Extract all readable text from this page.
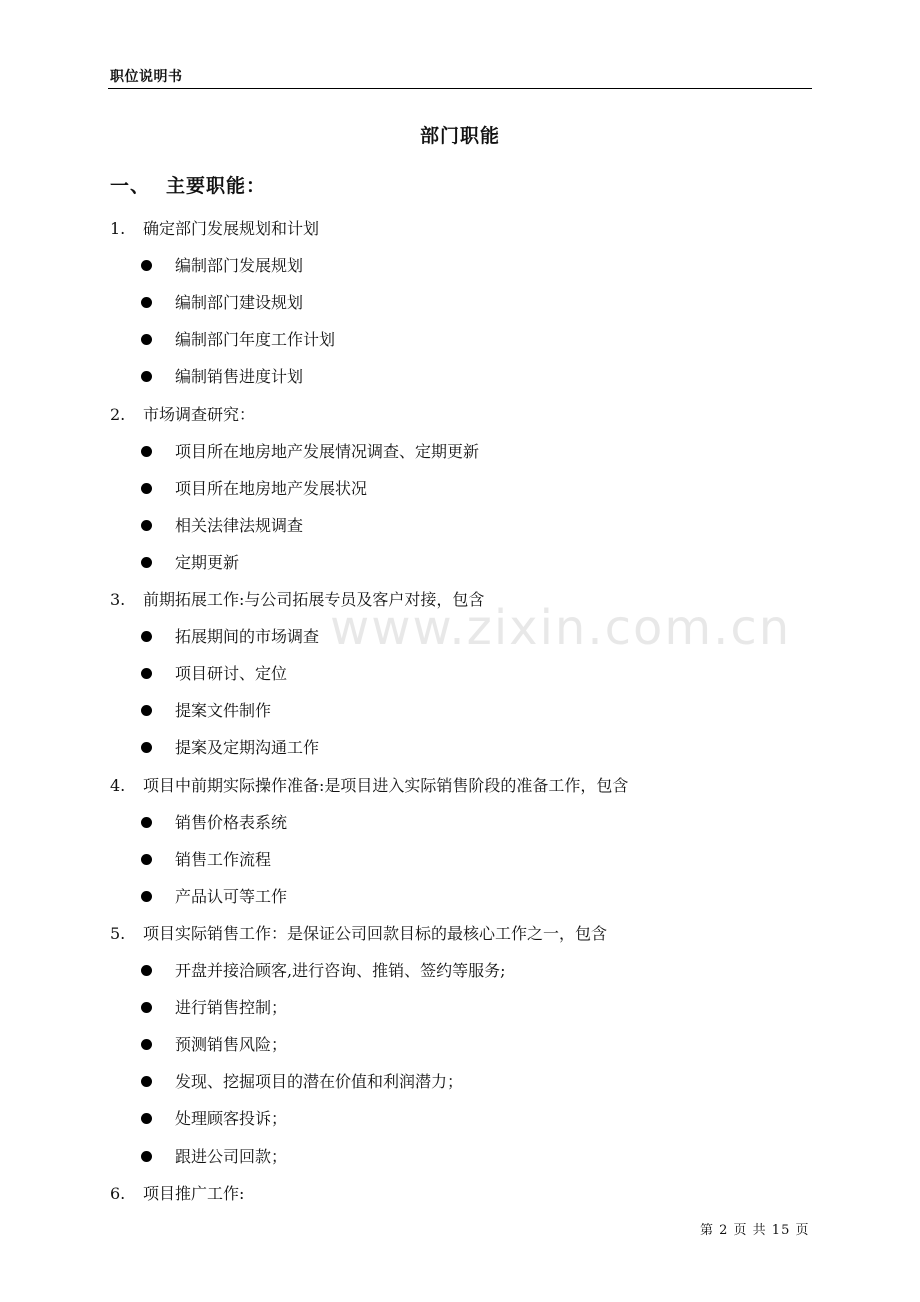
职位说明书
部门职能
一、 主要职能：
1. 确定部门发展规划和计划
编制部门发展规划
编制部门建设规划
编制部门年度工作计划
编制销售进度计划
2. 市场调查研究：
项目所在地房地产发展情况调查、定期更新
项目所在地房地产发展状况
相关法律法规调查
定期更新
3. 前期拓展工作:与公司拓展专员及客户对接，包含
拓展期间的市场调查
项目研讨、定位
提案文件制作
提案及定期沟通工作
4. 项目中前期实际操作准备:是项目进入实际销售阶段的准备工作，包含
销售价格表系统
销售工作流程
产品认可等工作
5. 项目实际销售工作：是保证公司回款目标的最核心工作之一，包含
开盘并接洽顾客,进行咨询、推销、签约等服务;
进行销售控制；
预测销售风险；
发现、挖掘项目的潜在价值和利润潜力；
处理顾客投诉；
跟进公司回款；
6. 项目推广工作:
www.zixin.com.cn
第 2 页 共 15 页
